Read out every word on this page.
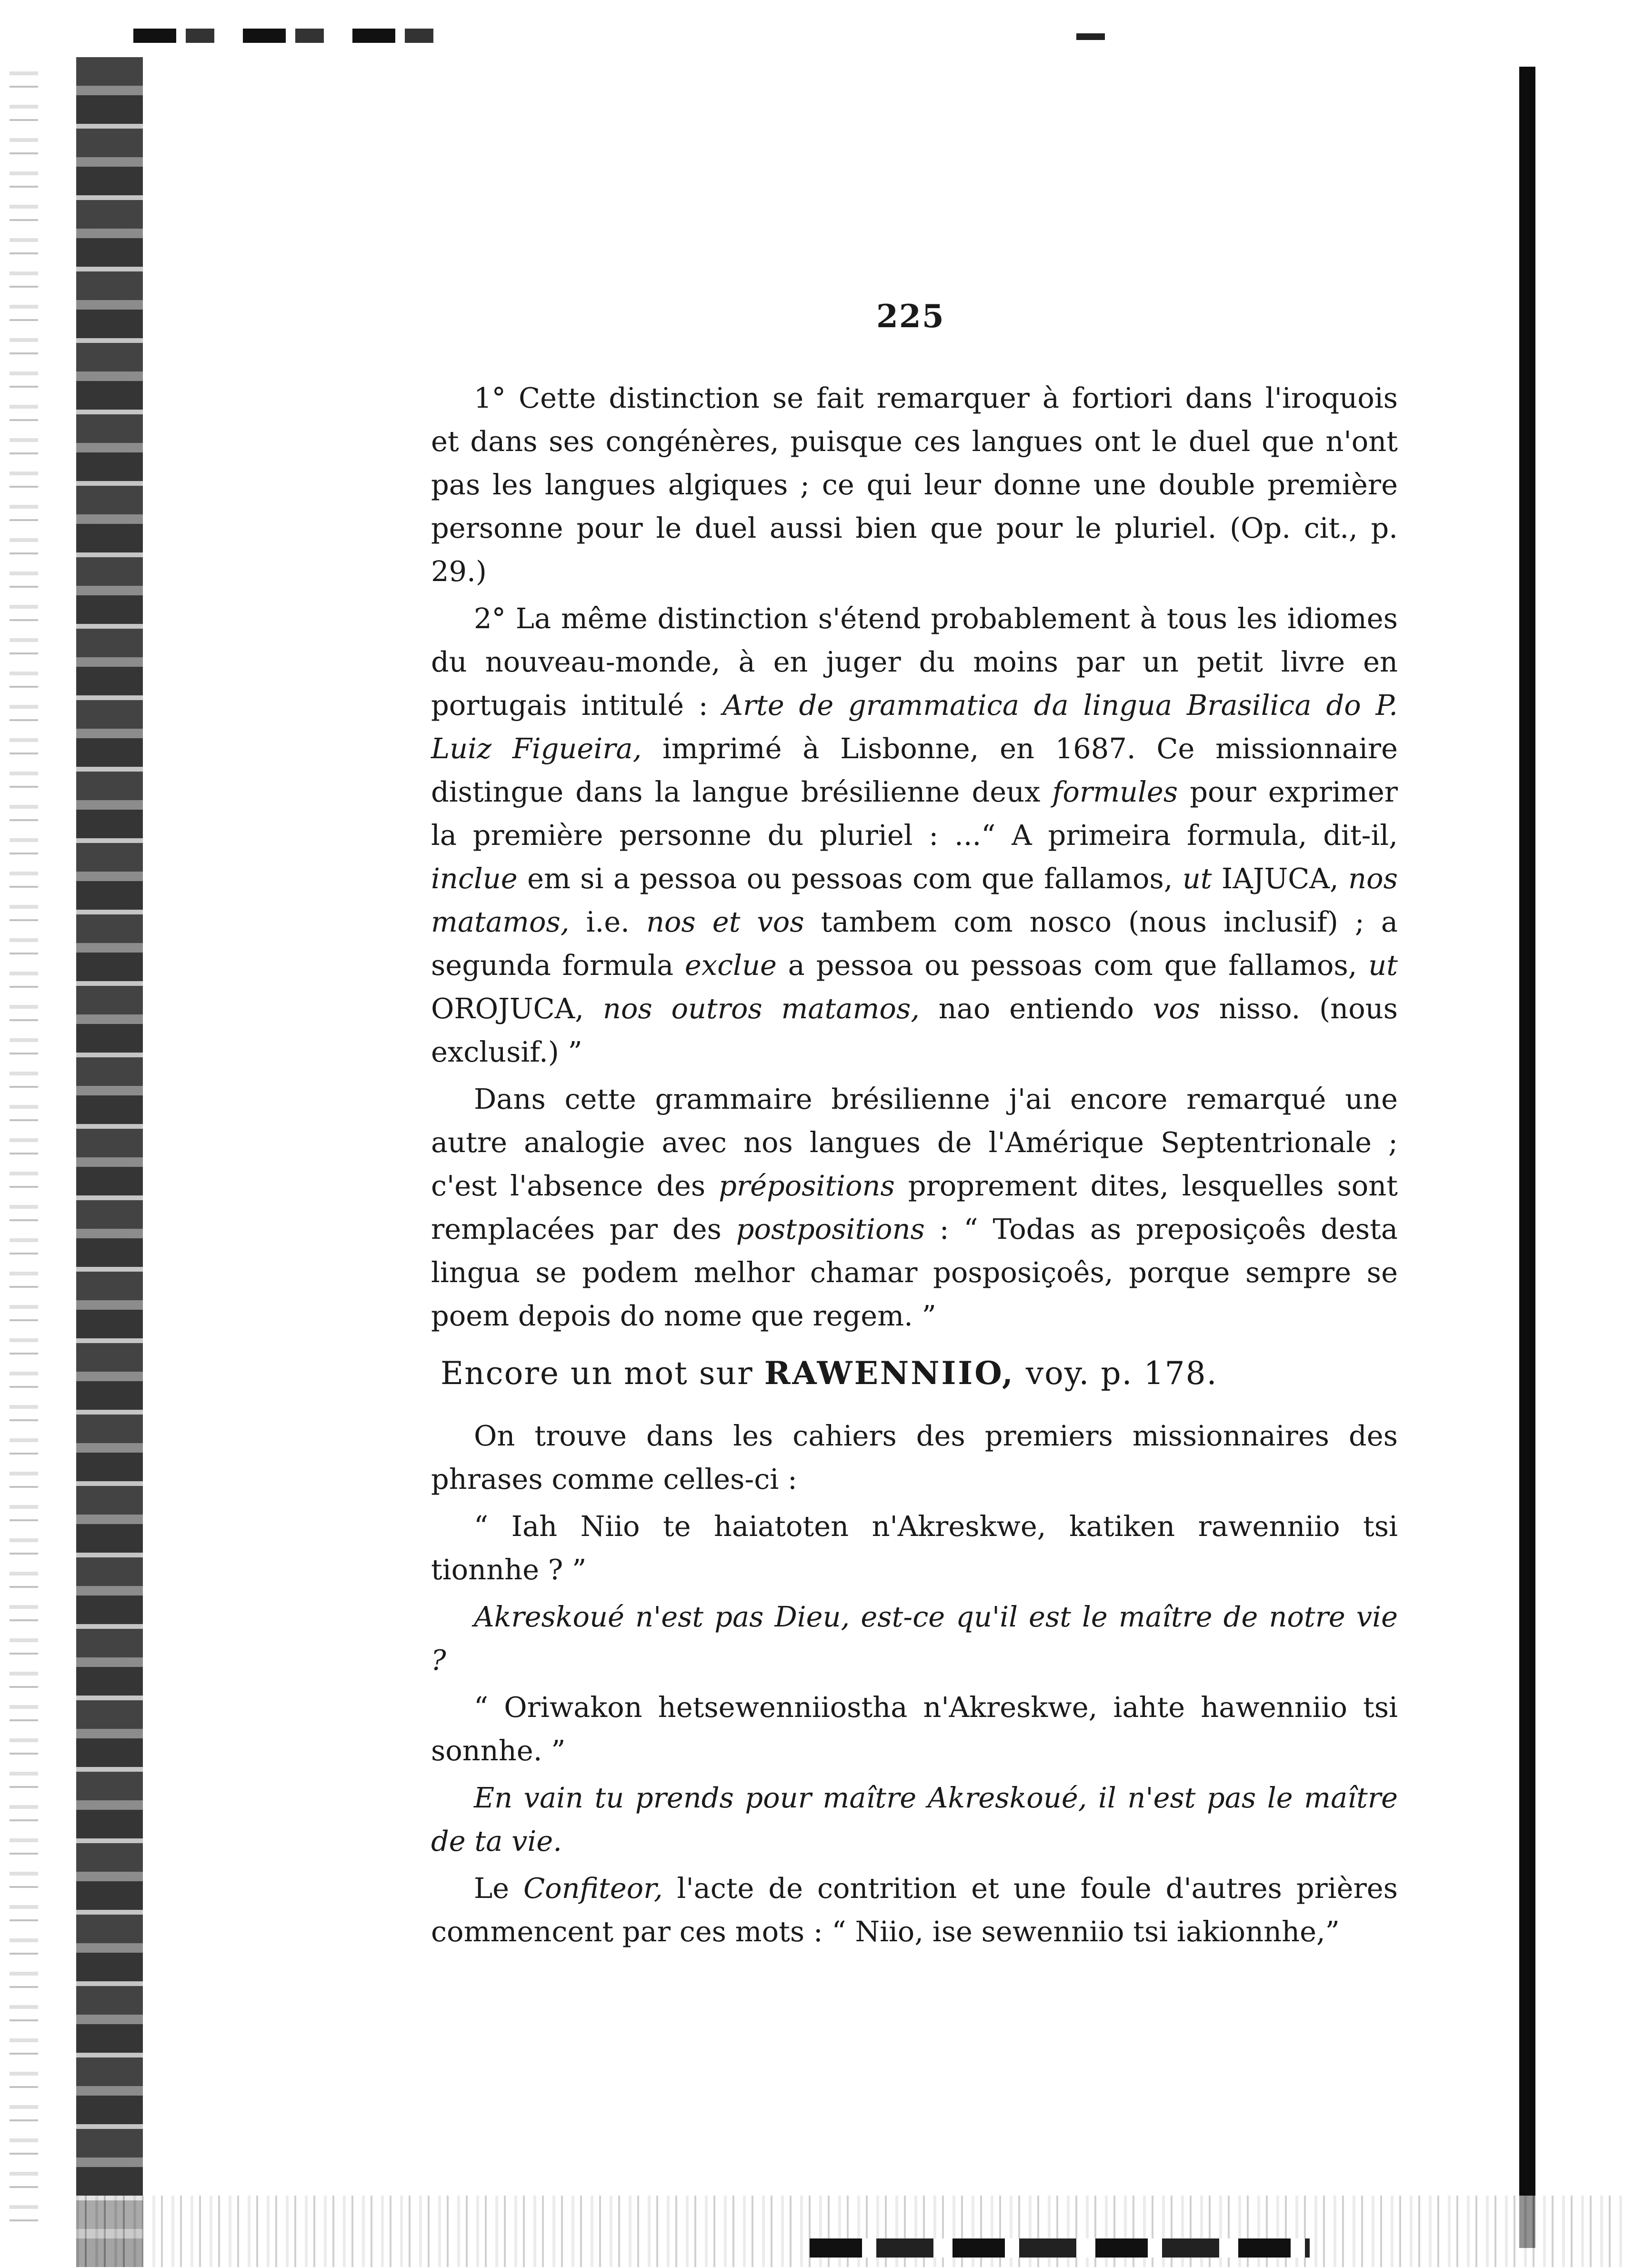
225

1° Cette distinction se fait remarquer à fortiori dans l'iroquois et dans ses congénères, puisque ces langues ont le duel que n'ont pas les langues algiques ; ce qui leur donne une double première personne pour le duel aussi bien que pour le pluriel. (Op. cit., p. 29.)

2° La même distinction s'étend probablement à tous les idiomes du nouveau-monde, à en juger du moins par un petit livre en portugais intitulé : Arte de grammatica da lingua Brasilica do P. Luiz Figueira, imprimé à Lisbonne, en 1687. Ce missionnaire distingue dans la langue brésilienne deux formules pour exprimer la première personne du pluriel : ...“ A primeira formula, dit-il, inclue em si a pessoa ou pessoas com que fallamos, ut IAJUCA, nos matamos, i.e. nos et vos tambem com nosco (nous inclusif) ; a segunda formula exclue a pessoa ou pessoas com que fallamos, ut OROJUCA, nos outros matamos, nao entiendo vos nisso. (nous exclusif.) ”

Dans cette grammaire brésilienne j'ai encore remarqué une autre analogie avec nos langues de l'Amérique Septentrionale ; c'est l'absence des prépositions proprement dites, lesquelles sont remplacées par des postpositions : “ Todas as preposiçoês desta lingua se podem melhor chamar posposiçoês, porque sempre se poem depois do nome que regem. ”

Encore un mot sur RAWENNIIO, voy. p. 178.

On trouve dans les cahiers des premiers missionnaires des phrases comme celles-ci :

“ Iah Niio te haiatoten n'Akreskwe, katiken rawenniio tsi tionnhe ? ”

Akreskoué n'est pas Dieu, est-ce qu'il est le maître de notre vie ?

“ Oriwakon hetsewenniiostha n'Akreskwe, iahte hawenniio tsi sonnhe. ”

En vain tu prends pour maître Akreskoué, il n'est pas le maître de ta vie.

Le Confiteor, l'acte de contrition et une foule d'autres prières commencent par ces mots : “ Niio, ise sewenniio tsi iakionnhe,”
